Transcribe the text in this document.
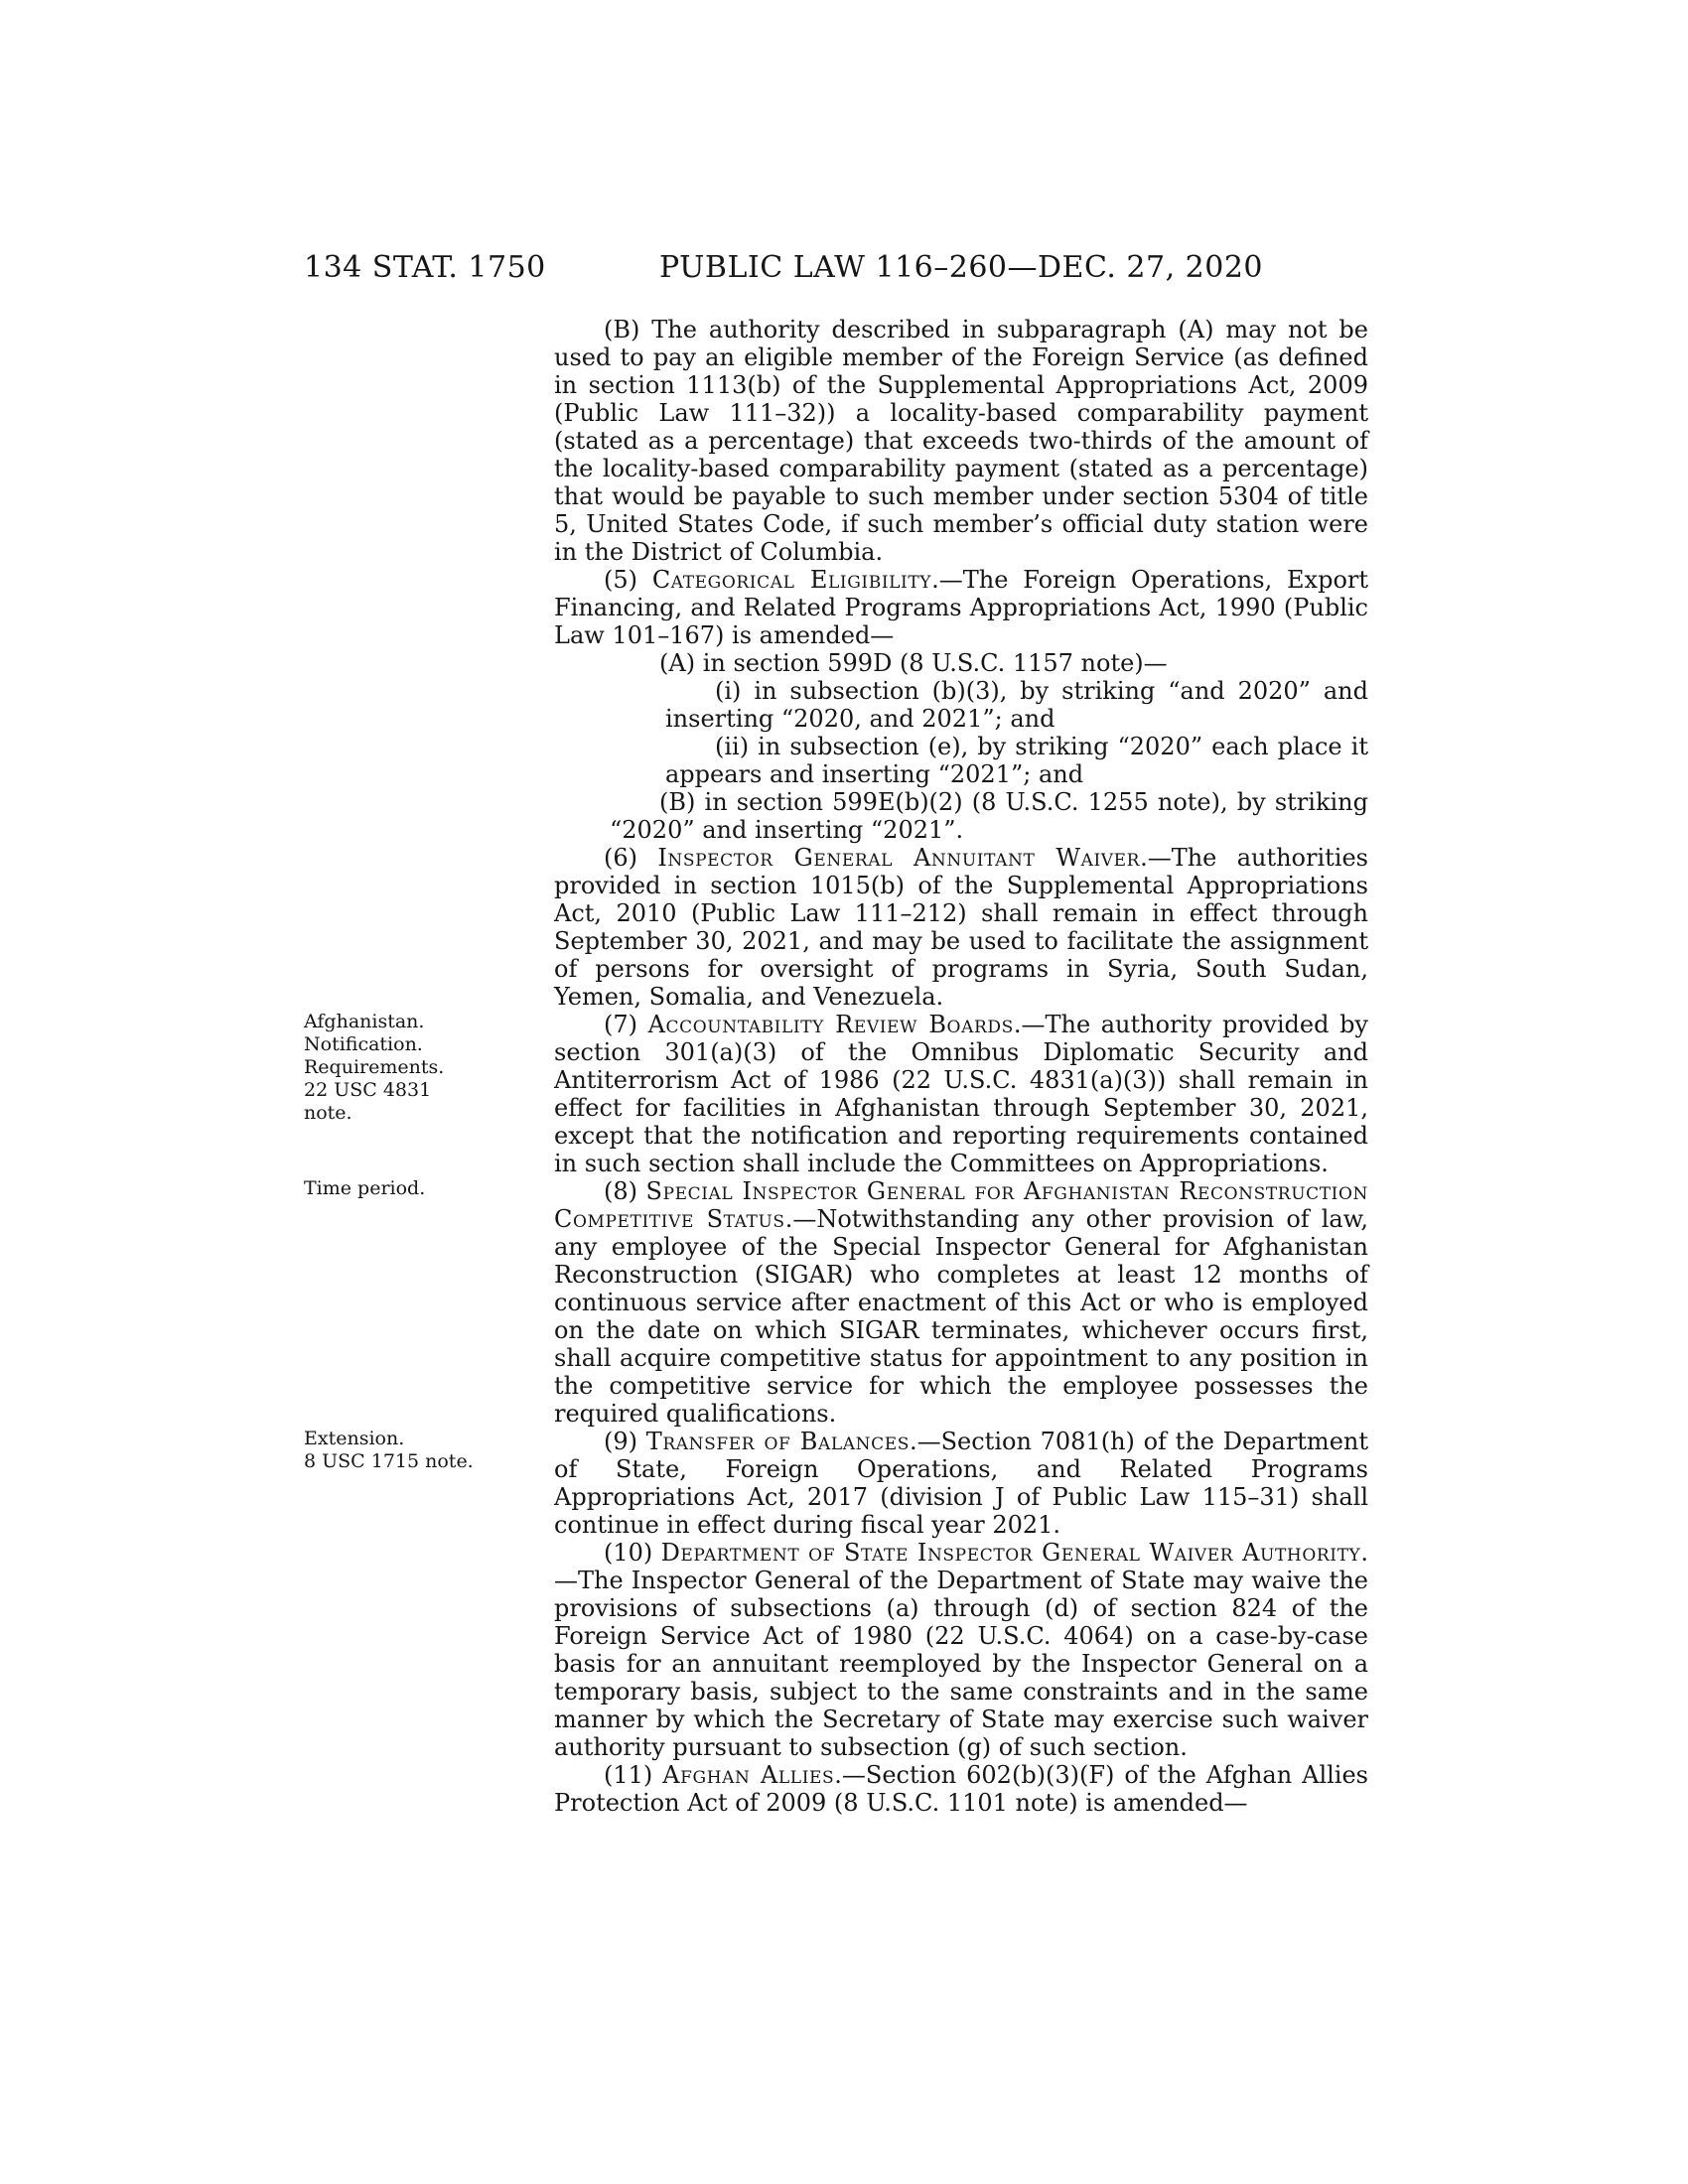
134 STAT. 1750	PUBLIC LAW 116–260—DEC. 27, 2020
Afghanistan.
Notification.
Requirements.
22 USC 4831
note.
Time period.
Extension.
8 USC 1715 note.

(B) The authority described in subparagraph (A) may not be used to pay an eligible member of the Foreign Service (as defined in section 1113(b) of the Supplemental Appropriations Act, 2009 (Public Law 111–32)) a locality-based comparability payment (stated as a percentage) that exceeds two-thirds of the amount of the locality-based comparability payment (stated as a percentage) that would be payable to such member under section 5304 of title 5, United States Code, if such member’s official duty station were in the District of Columbia.

(5) Categorical Eligibility.—The Foreign Operations, Export Financing, and Related Programs Appropriations Act, 1990 (Public Law 101–167) is amended—

(A) in section 599D (8 U.S.C. 1157 note)—

(i) in subsection (b)(3), by striking “and 2020” and inserting “2020, and 2021”; and

(ii) in subsection (e), by striking “2020” each place it appears and inserting “2021”; and

(B) in section 599E(b)(2) (8 U.S.C. 1255 note), by striking “2020” and inserting “2021”.

(6) Inspector General Annuitant Waiver.—The authorities provided in section 1015(b) of the Supplemental Appropriations Act, 2010 (Public Law 111–212) shall remain in effect through September 30, 2021, and may be used to facilitate the assignment of persons for oversight of programs in Syria, South Sudan, Yemen, Somalia, and Venezuela.

(7) Accountability Review Boards.—The authority provided by section 301(a)(3) of the Omnibus Diplomatic Security and Antiterrorism Act of 1986 (22 U.S.C. 4831(a)(3)) shall remain in effect for facilities in Afghanistan through September 30, 2021, except that the notification and reporting requirements contained in such section shall include the Committees on Appropriations.

(8) Special Inspector General for Afghanistan Reconstruction Competitive Status.—Notwithstanding any other provision of law, any employee of the Special Inspector General for Afghanistan Reconstruction (SIGAR) who completes at least 12 months of continuous service after enactment of this Act or who is employed on the date on which SIGAR terminates, whichever occurs first, shall acquire competitive status for appointment to any position in the competitive service for which the employee possesses the required qualifications.

(9) Transfer of Balances.—Section 7081(h) of the Department of State, Foreign Operations, and Related Programs Appropriations Act, 2017 (division J of Public Law 115–31) shall continue in effect during fiscal year 2021.

(10) Department of State Inspector General Waiver Authority.—The Inspector General of the Department of State may waive the provisions of subsections (a) through (d) of section 824 of the Foreign Service Act of 1980 (22 U.S.C. 4064) on a case-by-case basis for an annuitant reemployed by the Inspector General on a temporary basis, subject to the same constraints and in the same manner by which the Secretary of State may exercise such waiver authority pursuant to subsection (g) of such section.

(11) Afghan Allies.—Section 602(b)(3)(F) of the Afghan Allies Protection Act of 2009 (8 U.S.C. 1101 note) is amended—
